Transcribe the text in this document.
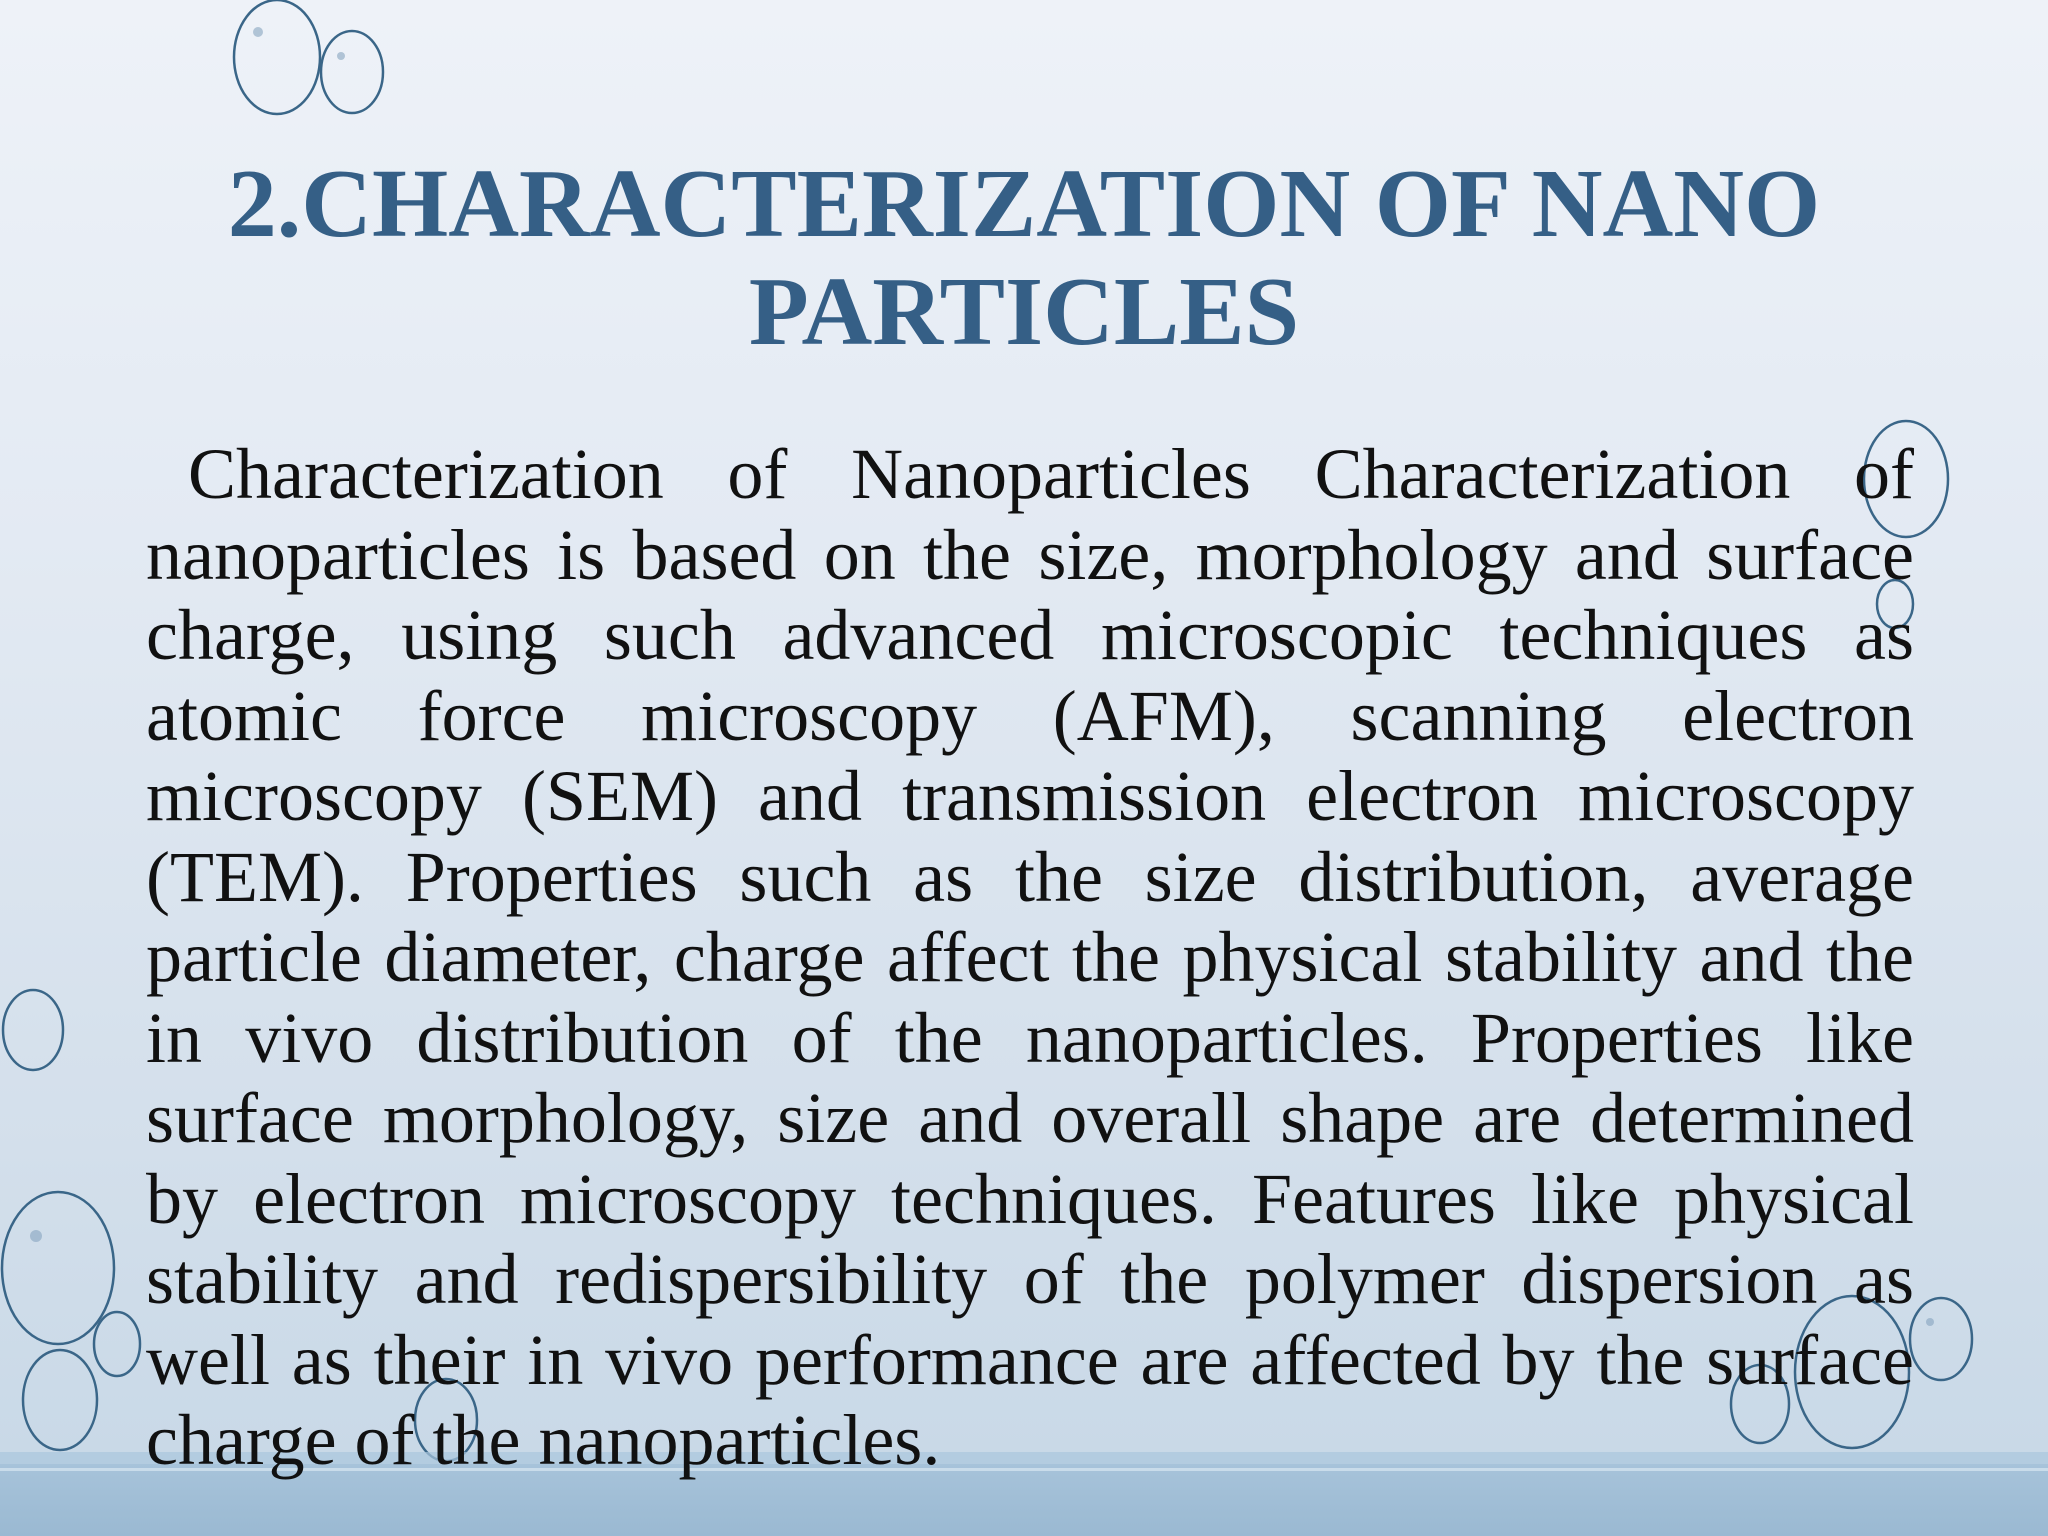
2.CHARACTERIZATION OF NANO PARTICLES

Characterization of Nanoparticles Characterization of nanoparticles is based on the size, morphology and surface charge, using such advanced microscopic techniques as atomic force microscopy (AFM), scanning electron microscopy (SEM) and transmission electron microscopy (TEM). Properties such as the size distribution, average particle diameter, charge affect the physical stability and the in vivo distribution of the nanoparticles. Properties like surface morphology, size and overall shape are determined by electron microscopy techniques. Features like physical stability and redispersibility of the polymer dispersion as well as their in vivo performance are affected by the surface charge of the nanoparticles.
